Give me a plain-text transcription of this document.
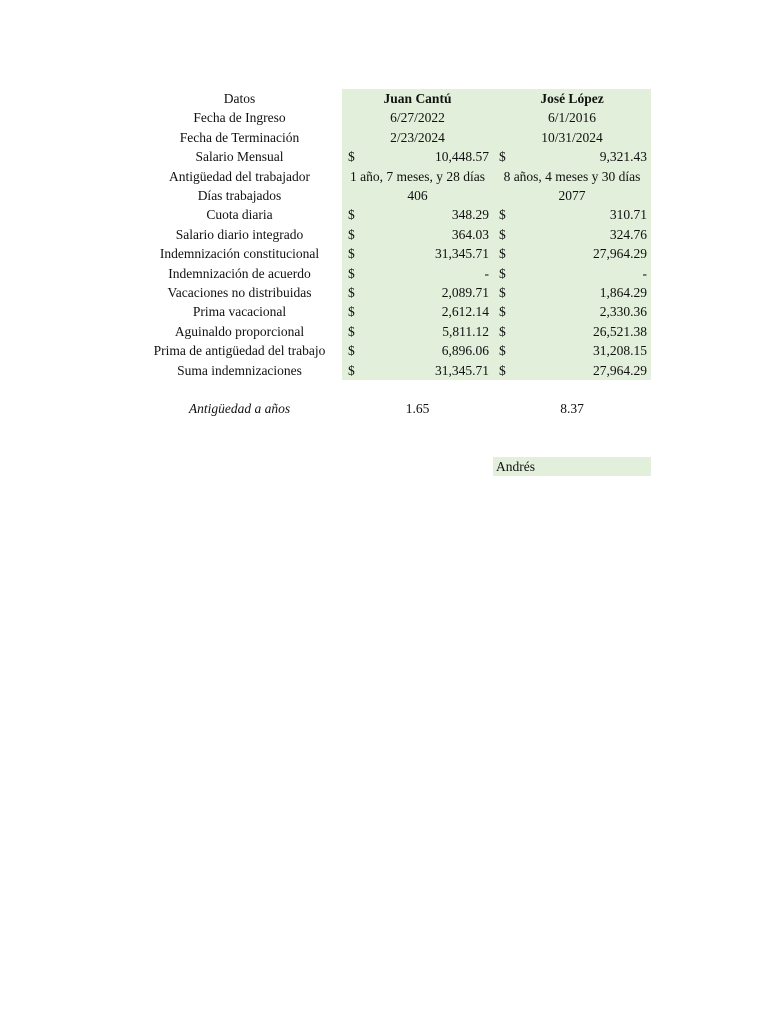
Datos	Juan Cantú	José López
Fecha de Ingreso	6/27/2022	6/1/2016
Fecha de Terminación	2/23/2024	10/31/2024
Salario Mensual	$ 10,448.57	$ 9,321.43

Antigüedad del trabajador	1 año, 7 meses, y 28 días	8 años, 4 meses y 30 días
Días trabajados	406	2077
Cuota diaria	$ 348.29	$ 310.71

Salario diario integrado	$ 364.03	$ 324.76

Indemnización constitucional	$ 31,345.71	$ 27,964.29

Indemnización de acuerdo	$ -	$ -

Vacaciones no distribuidas	$ 2,089.71	$ 1,864.29

Prima vacacional	$ 2,612.14	$ 2,330.36

Aguinaldo proporcional	$ 5,811.12	$ 26,521.38

Prima de antigüedad del trabajo	$ 6,896.06	$ 31,208.15

Suma indemnizaciones	$ 31,345.71	$ 27,964.29

Antigüedad a años	1.65	8.37
Andrés
